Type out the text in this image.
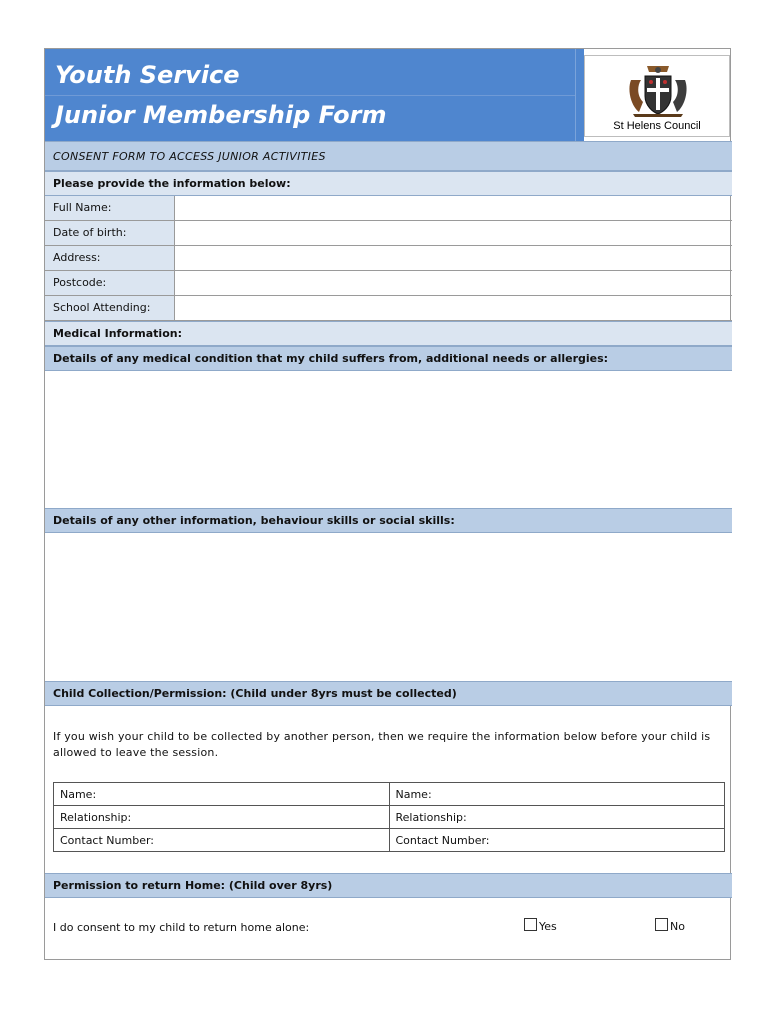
Youth Service
Junior Membership Form	St Helens Council
CONSENT FORM TO ACCESS JUNIOR ACTIVITIES
Please provide the information below:
Full Name:
Date of birth:
Address:
Postcode:
School Attending:
Medical Information:
Details of any medical condition that my child suffers from, additional needs or allergies:
Details of any other information, behaviour skills or social skills:
Child Collection/Permission: (Child under 8yrs must be collected)
If you wish your child to be collected by another person, then we require the information below before your child is allowed to leave the session.
Name:	Name:
Relationship:	Relationship:
Contact Number:	Contact Number:
Permission to return Home: (Child over 8yrs)
I do consent to my child to return home alone:	Yes	No
